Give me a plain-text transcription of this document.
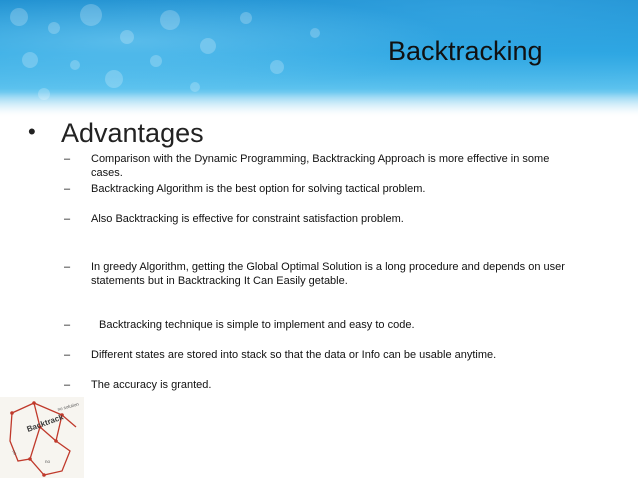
Backtracking
• Advantages
– Comparison with the Dynamic Programming, Backtracking Approach is more effective in some cases.
– Backtracking Algorithm is the best option for solving tactical problem.
– Also Backtracking is effective for constraint satisfaction problem.
– In greedy Algorithm, getting the Global Optimal Solution is a long procedure and depends on user statements but in Backtracking It Can Easily getable.
–	Backtracking technique is simple to implement and easy to code.
– Different states are stored into stack so that the data or Info can be usable anytime.
– The accuracy is granted.
Backtrack
no solution
no
no
